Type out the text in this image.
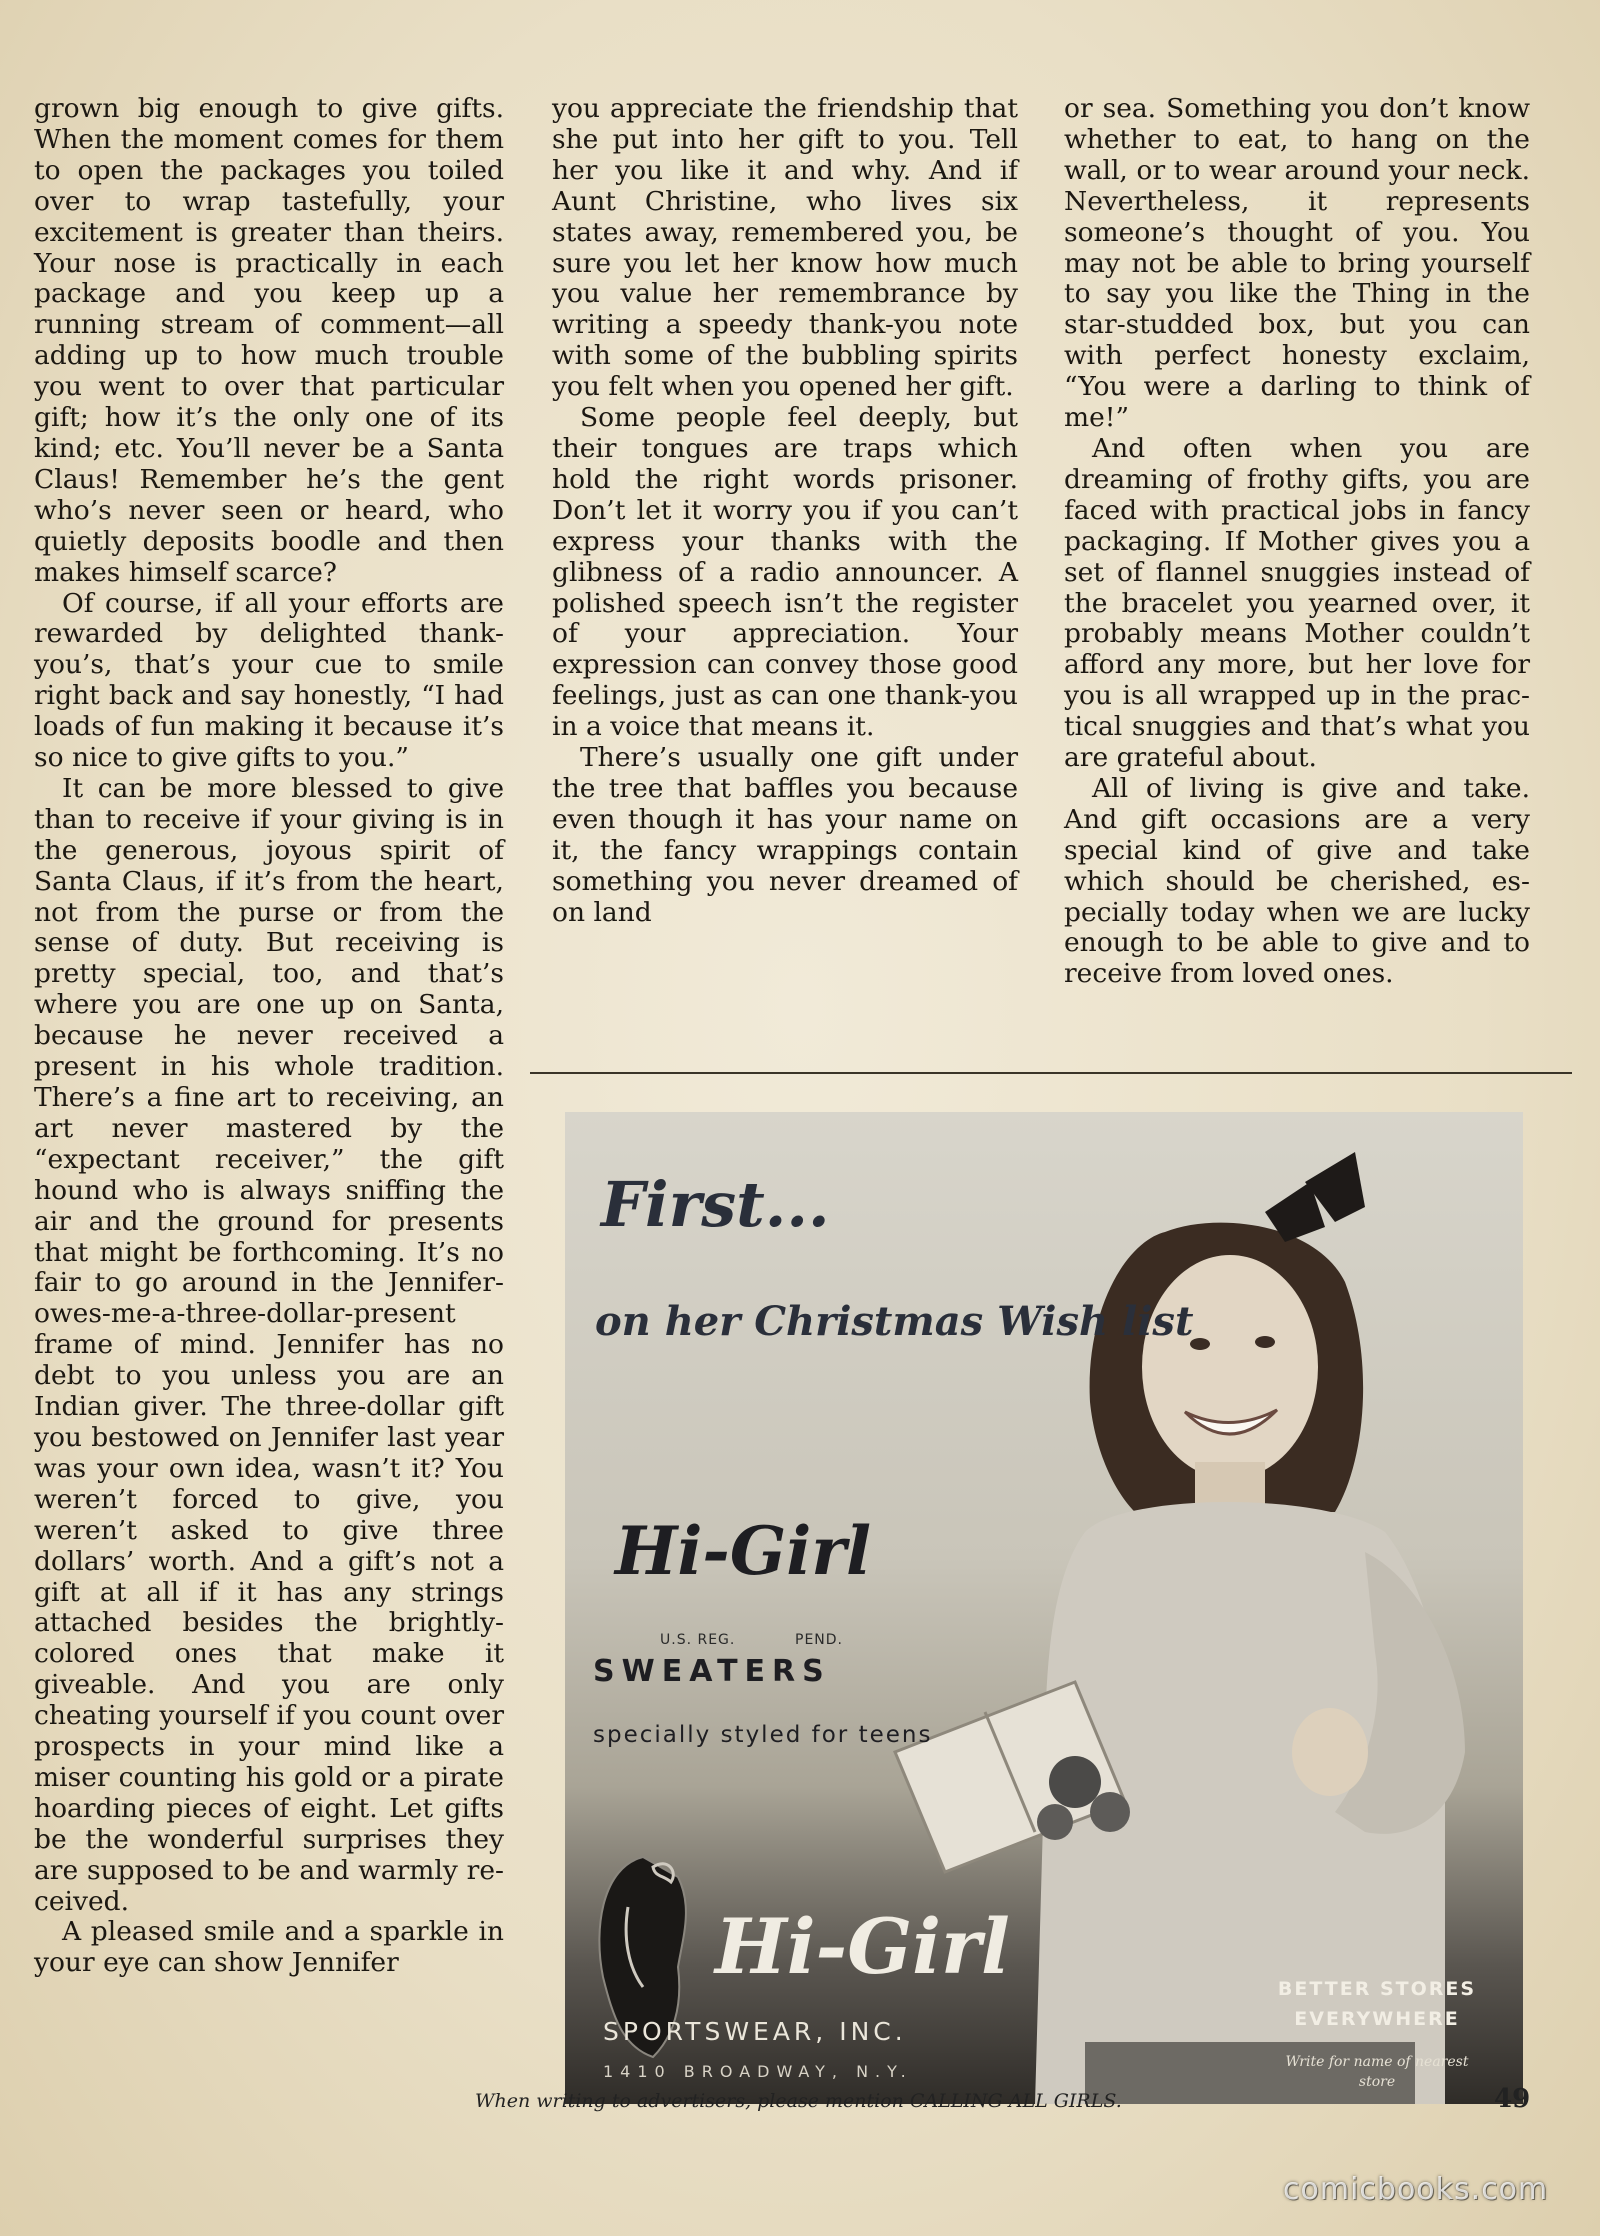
grown big enough to give gifts. When the moment comes for them to open the packages you toiled over to wrap tastefully, your excitement is greater than theirs. Your nose is practically in each package and you keep up a running stream of comment—all adding up to how much trouble you went to over that particular gift; how it’s the only one of its kind; etc. You’ll never be a Santa Claus! Remember he’s the gent who’s never seen or heard, who quietly deposits boodle and then makes himself scarce?

Of course, if all your efforts are rewarded by delighted thank-you’s, that’s your cue to smile right back and say honestly, “I had loads of fun making it because it’s so nice to give gifts to you.”

It can be more blessed to give than to receive if your giving is in the generous, joyous spirit of Santa Claus, if it’s from the heart, not from the purse or from the sense of duty. But receiving is pretty special, too, and that’s where you are one up on Santa, because he never received a present in his whole tradition. There’s a fine art to receiving, an art never mastered by the “expectant receiver,” the gift hound who is always sniffing the air and the ground for presents that might be forthcoming. It’s no fair to go around in the Jennifer-owes-me-a-three-dollar-present frame of mind. Jennifer has no debt to you unless you are an Indian giver. The three-dollar gift you bestowed on Jennifer last year was your own idea, wasn’t it? You weren’t forced to give, you weren’t asked to give three dollars’ worth. And a gift’s not a gift at all if it has any strings attached besides the brightly-colored ones that make it giveable. And you are only cheating yourself if you count over prospects in your mind like a miser counting his gold or a pirate hoarding pieces of eight. Let gifts be the wonderful surprises they are supposed to be and warmly received.

A pleased smile and a sparkle in your eye can show Jennifer

you appreciate the friendship that she put into her gift to you. Tell her you like it and why. And if Aunt Christine, who lives six states away, remembered you, be sure you let her know how much you value her remembrance by writing a speedy thank-you note with some of the bubbling spirits you felt when you opened her gift.

Some people feel deeply, but their tongues are traps which hold the right words prisoner. Don’t let it worry you if you can’t express your thanks with the glibness of a radio announcer. A polished speech isn’t the register of your appreciation. Your expression can convey those good feelings, just as can one thank-you in a voice that means it.

There’s usually one gift under the tree that baffles you because even though it has your name on it, the fancy wrappings contain something you never dreamed of on land

or sea. Something you don’t know whether to eat, to hang on the wall, or to wear around your neck. Nevertheless, it represents someone’s thought of you. You may not be able to bring yourself to say you like the Thing in the star-studded box, but you can with perfect honesty exclaim, “You were a darling to think of me!”

And often when you are dreaming of frothy gifts, you are faced with practical jobs in fancy packaging. If Mother gives you a set of flannel snuggies instead of the bracelet you yearned over, it probably means Mother couldn’t afford any more, but her love for you is all wrapped up in the practical snuggies and that’s what you are grateful about.

All of living is give and take. And gift occasions are a very special kind of give and take which should be cherished, especially today when we are lucky enough to be able to give and to receive from loved ones.

First...
on her Christmas Wish list
Hi-Girl
U.S. REG.	PEND.
SWEATERS
specially styled for teens
Hi-Girl
SPORTSWEAR, INC.
1410 BROADWAY, N.Y.
BETTER STORES EVERYWHERE
Write for name of nearest store
When writing to advertisers, please mention CALLING ALL GIRLS.	49
comicbooks.com
